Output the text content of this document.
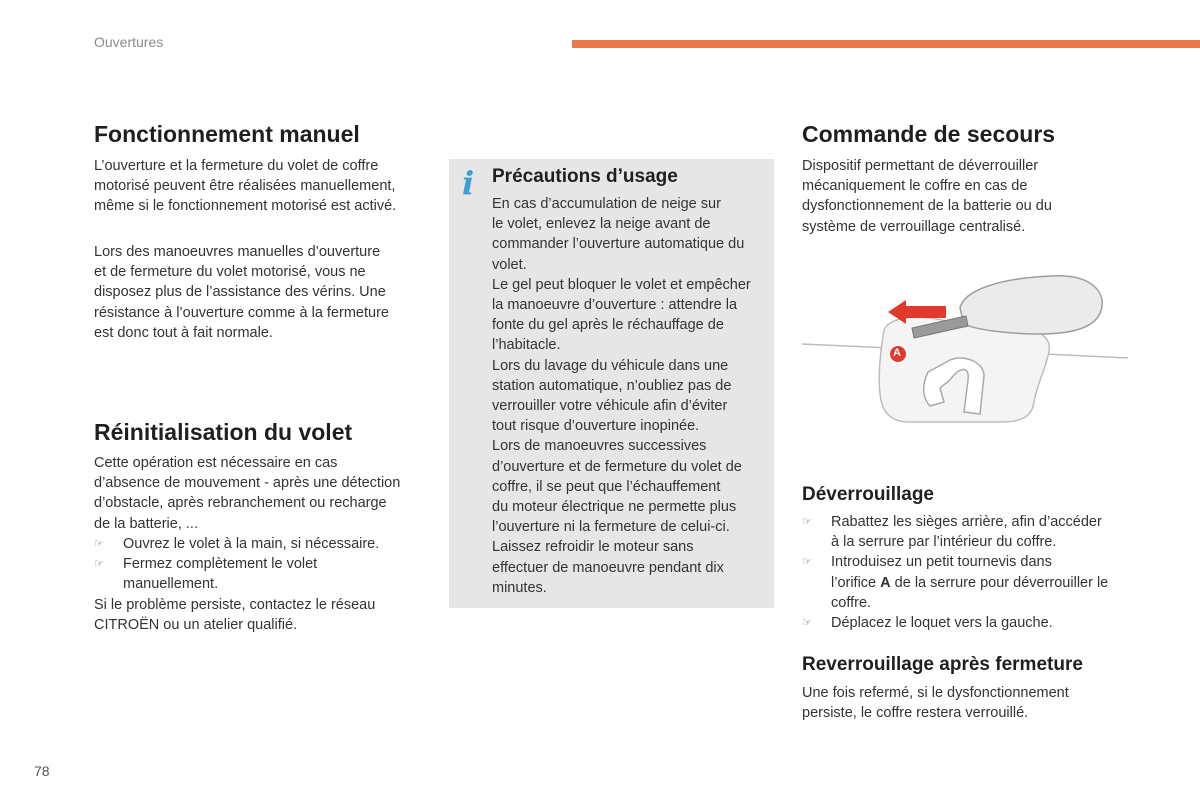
Ouvertures
Fonctionnement manuel

L’ouverture et la fermeture du volet de coffre
motorisé peuvent être réalisées manuellement,
même si le fonctionnement motorisé est activé.

Lors des manoeuvres manuelles d’ouverture
et de fermeture du volet motorisé, vous ne
disposez plus de l’assistance des vérins. Une
résistance à l’ouverture comme à la fermeture
est donc tout à fait normale.

Réinitialisation du volet

Cette opération est nécessaire en cas
d’absence de mouvement - après une détection
d’obstacle, après rebranchement ou recharge
de la batterie, ...

☞ Ouvrez le volet à la main, si nécessaire.
☞ Fermez complètement le volet
manuellement.

Si le problème persiste, contactez le réseau
CITROËN ou un atelier qualifié.

i Précautions d’usage

En cas d’accumulation de neige sur
le volet, enlevez la neige avant de
commander l’ouverture automatique du
volet.
Le gel peut bloquer le volet et empêcher
la manoeuvre d’ouverture : attendre la
fonte du gel après le réchauffage de
l’habitacle.
Lors du lavage du véhicule dans une
station automatique, n’oubliez pas de
verrouiller votre véhicule afin d’éviter
tout risque d’ouverture inopinée.
Lors de manoeuvres successives
d’ouverture et de fermeture du volet de
coffre, il se peut que l’échauffement
du moteur électrique ne permette plus
l’ouverture ni la fermeture de celui-ci.
Laissez refroidir le moteur sans
effectuer de manoeuvre pendant dix
minutes.

Commande de secours

Dispositif permettant de déverrouiller
mécaniquement le coffre en cas de
dysfonctionnement de la batterie ou du
système de verrouillage centralisé.

A
Déverrouillage
☞ Rabattez les sièges arrière, afin d’accéder
à la serrure par l’intérieur du coffre.
☞ Introduisez un petit tournevis dans
l’orifice A de la serrure pour déverrouiller le
coffre.
☞ Déplacez le loquet vers la gauche.
Reverrouillage après fermeture

Une fois refermé, si le dysfonctionnement
persiste, le coffre restera verrouillé.

78
